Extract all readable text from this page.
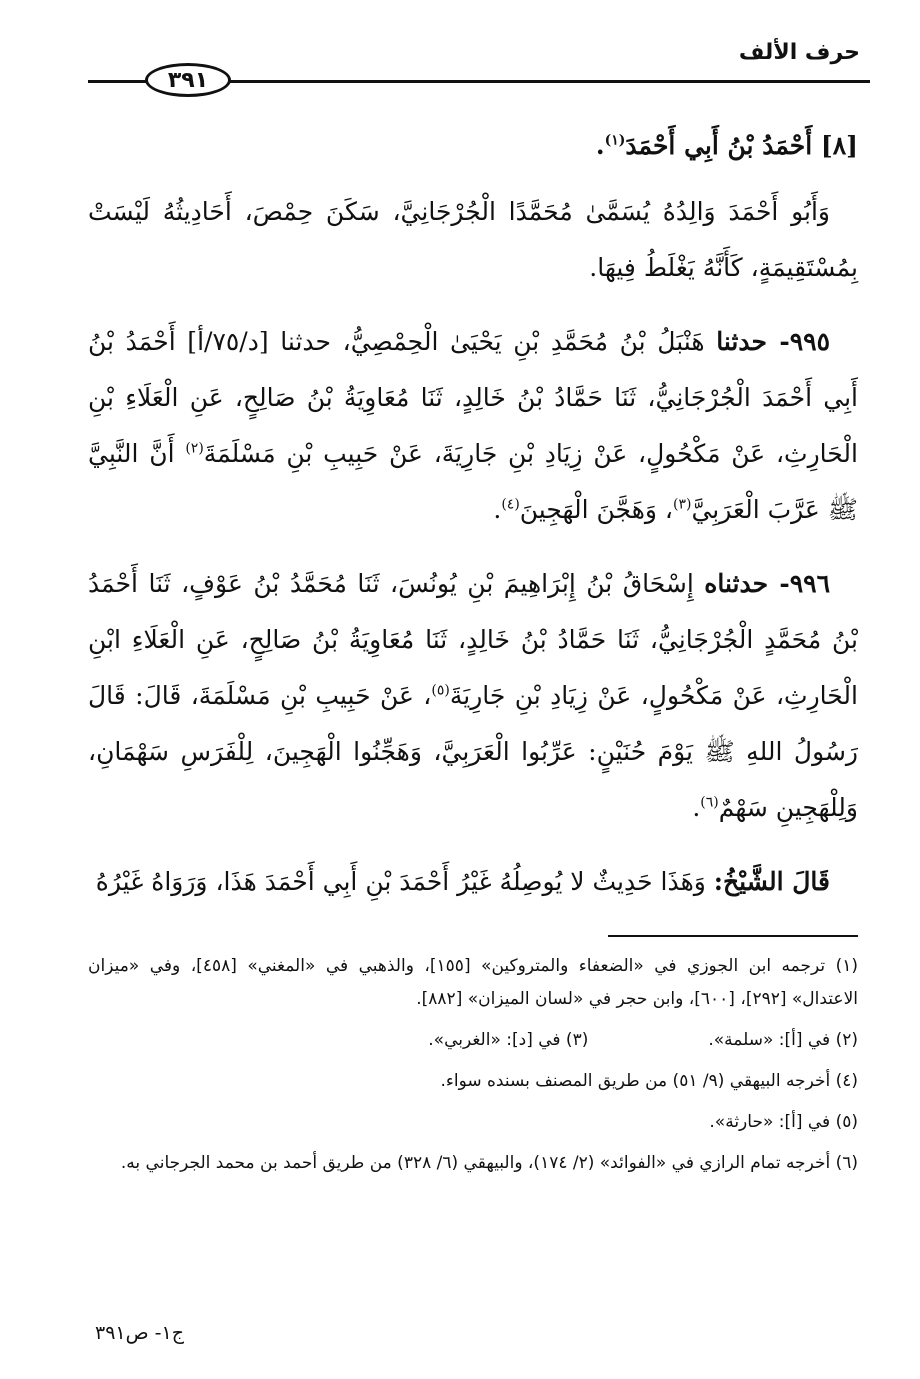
حرف الألف
٣٩١
[٨] أَحْمَدُ بْنُ أَبِي أَحْمَدَ$^{(١)}$.

وَأَبُو أَحْمَدَ وَالِدُهُ يُسَمَّىٰ مُحَمَّدًا الْجُرْجَانِيَّ، سَكَنَ حِمْصَ، أَحَادِيثُهُ لَيْسَتْ بِمُسْتَقِيمَةٍ، كَأَنَّهُ يَغْلَطُ فِيهَا.

٩٩٥- حدثنا هَنْبَلُ بْنُ مُحَمَّدِ بْنِ يَحْيَىٰ الْحِمْصِيُّ، حدثنا [د/٧٥/أ] أَحْمَدُ بْنُ أَبِي أَحْمَدَ الْجُرْجَانِيُّ، ثَنَا حَمَّادُ بْنُ خَالِدٍ، ثَنَا مُعَاوِيَةُ بْنُ صَالِحٍ، عَنِ الْعَلَاءِ بْنِ الْحَارِثِ، عَنْ مَكْحُولٍ، عَنْ زِيَادِ بْنِ جَارِيَةَ، عَنْ حَبِيبِ بْنِ مَسْلَمَةَ$^{(٢)}$ أَنَّ النَّبِيَّ ﷺ عَرَّبَ الْعَرَبِيَّ$^{(٣)}$، وَهَجَّنَ الْهَجِينَ$^{(٤)}$.

٩٩٦- حدثناه إِسْحَاقُ بْنُ إِبْرَاهِيمَ بْنِ يُونُسَ، ثَنَا مُحَمَّدُ بْنُ عَوْفٍ، ثَنَا أَحْمَدُ بْنُ مُحَمَّدٍ الْجُرْجَانِيُّ، ثَنَا حَمَّادُ بْنُ خَالِدٍ، ثَنَا مُعَاوِيَةُ بْنُ صَالِحٍ، عَنِ الْعَلَاءِ ابْنِ الْحَارِثِ، عَنْ مَكْحُولٍ، عَنْ زِيَادِ بْنِ جَارِيَةَ$^{(٥)}$، عَنْ حَبِيبِ بْنِ مَسْلَمَةَ، قَالَ: قَالَ رَسُولُ اللهِ ﷺ يَوْمَ حُنَيْنٍ: عَرِّبُوا الْعَرَبِيَّ، وَهَجِّنُوا الْهَجِينَ، لِلْفَرَسِ سَهْمَانِ، وَلِلْهَجِينِ سَهْمٌ$^{(٦)}$.

قَالَ الشَّيْخُ: وَهَذَا حَدِيثٌ لا يُوصِلُهُ غَيْرُ أَحْمَدَ بْنِ أَبِي أَحْمَدَ هَذَا، وَرَوَاهُ غَيْرُهُ

(١) ترجمه ابن الجوزي في «الضعفاء والمتروكين» [١٥٥]، والذهبي في «المغني» [٤٥٨]، وفي «ميزان الاعتدال» [٢٩٢]، [٦٠٠]، وابن حجر في «لسان الميزان» [٨٨٢].
(٢) في [أ]: «سلمة».
(٣) في [د]: «الغربي».
(٤) أخرجه البيهقي (٩/ ٥١) من طريق المصنف بسنده سواء.
(٥) في [أ]: «حارثة».
(٦) أخرجه تمام الرازي في «الفوائد» (٢/ ١٧٤)، والبيهقي (٦/ ٣٢٨) من طريق أحمد بن محمد الجرجاني به.
ج١- ص٣٩١
